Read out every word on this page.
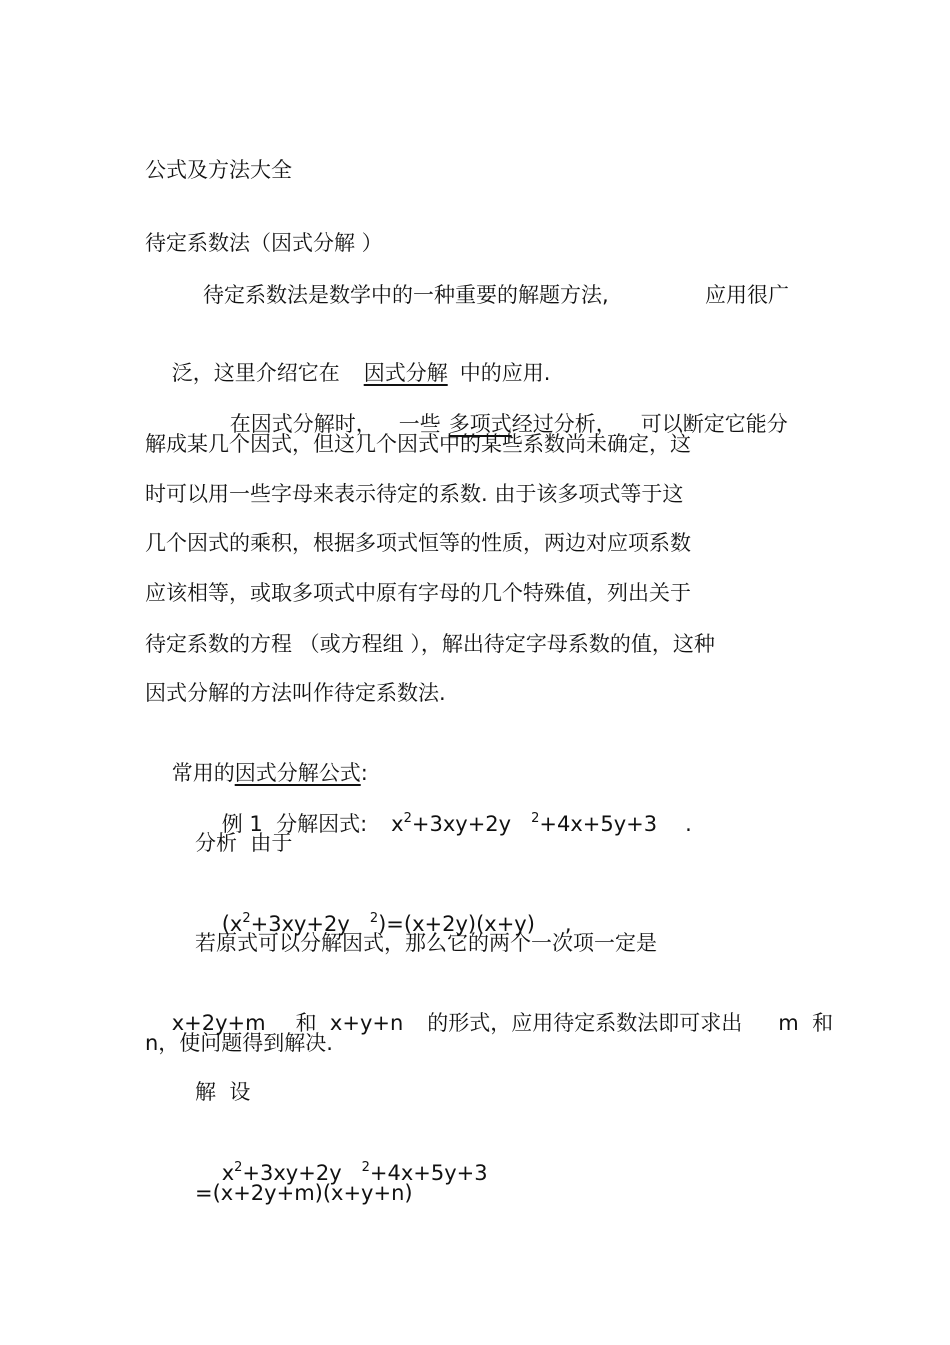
公式及方法大全
待定系数法（因式分解 ）
待定系数法是数学中的一种重要的解题方法,	应用很广

泛，这里介绍它在 因式分解 中的应用.

在因式分解时， 一些 多项式经过分析， 可以断定它能分

解成某几个因式，但这几个因式中的某些系数尚未确定，这
时可以用一些字母来表示待定的系数. 由于该多项式等于这
几个因式的乘积，根据多项式恒等的性质，两边对应项系数
应该相等，或取多项式中原有字母的几个特殊值，列出关于
待定系数的方程 （或方程组 ），解出待定字母系数的值，这种
因式分解的方法叫作待定系数法.

常用的因式分解公式:

例 1  分解因式: $x^2+3xy+2y$ $^2$+4x+5y+3 .

分析  由于

($x^2+3xy+2y$ $^2$)=(x+2y)(x+y) ,

若原式可以分解因式，那么它的两个一次项一定是

x+2y+m 和  x+y+n 的形式，应用待定系数法即可求出 m  和

n，使问题得到解决.
解  设

$x^2+3xy+2y$ $^2$+4x+5y+3

=(x+2y+m)(x+y+n)
